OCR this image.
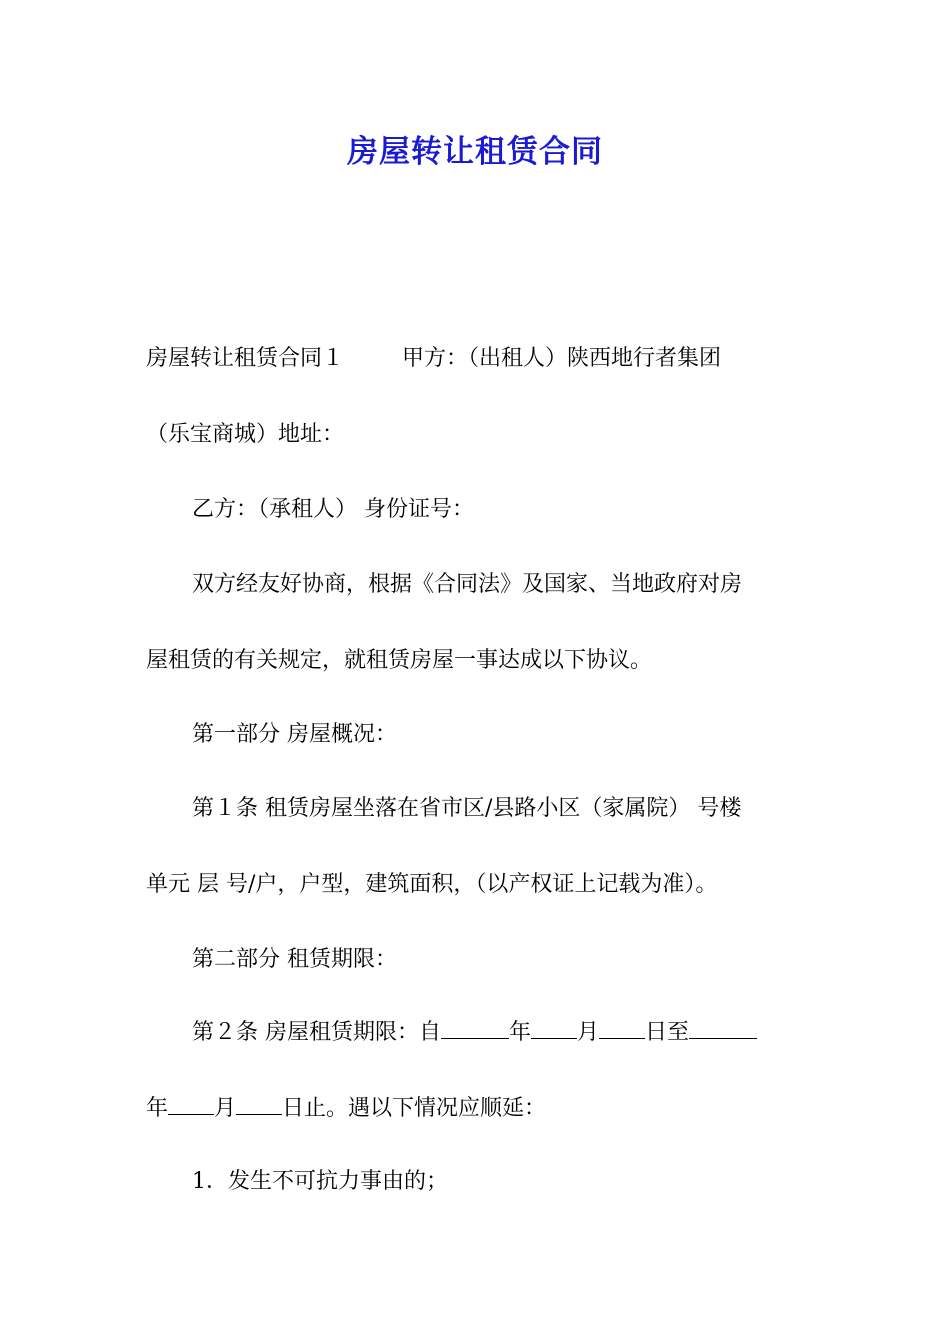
房屋转让租赁合同
房屋转让租赁合同１	甲方：（出租人）陕西地行者集团
（乐宝商城）地址：
乙方：（承租人） 身份证号：
双方经友好协商，根据《合同法》及国家、当地政府对房
屋租赁的有关规定，就租赁房屋一事达成以下协议。
第一部分 房屋概况：
第１条 租赁房屋坐落在省市区/县路小区（家属院） 号楼
单元 层 号/户，户型，建筑面积，（以产权证上记载为准）。
第二部分 租赁期限：
第２条 房屋租赁期限：自	年 月 日至
年 月 日止。遇以下情况应顺延：
1．发生不可抗力事由的；
